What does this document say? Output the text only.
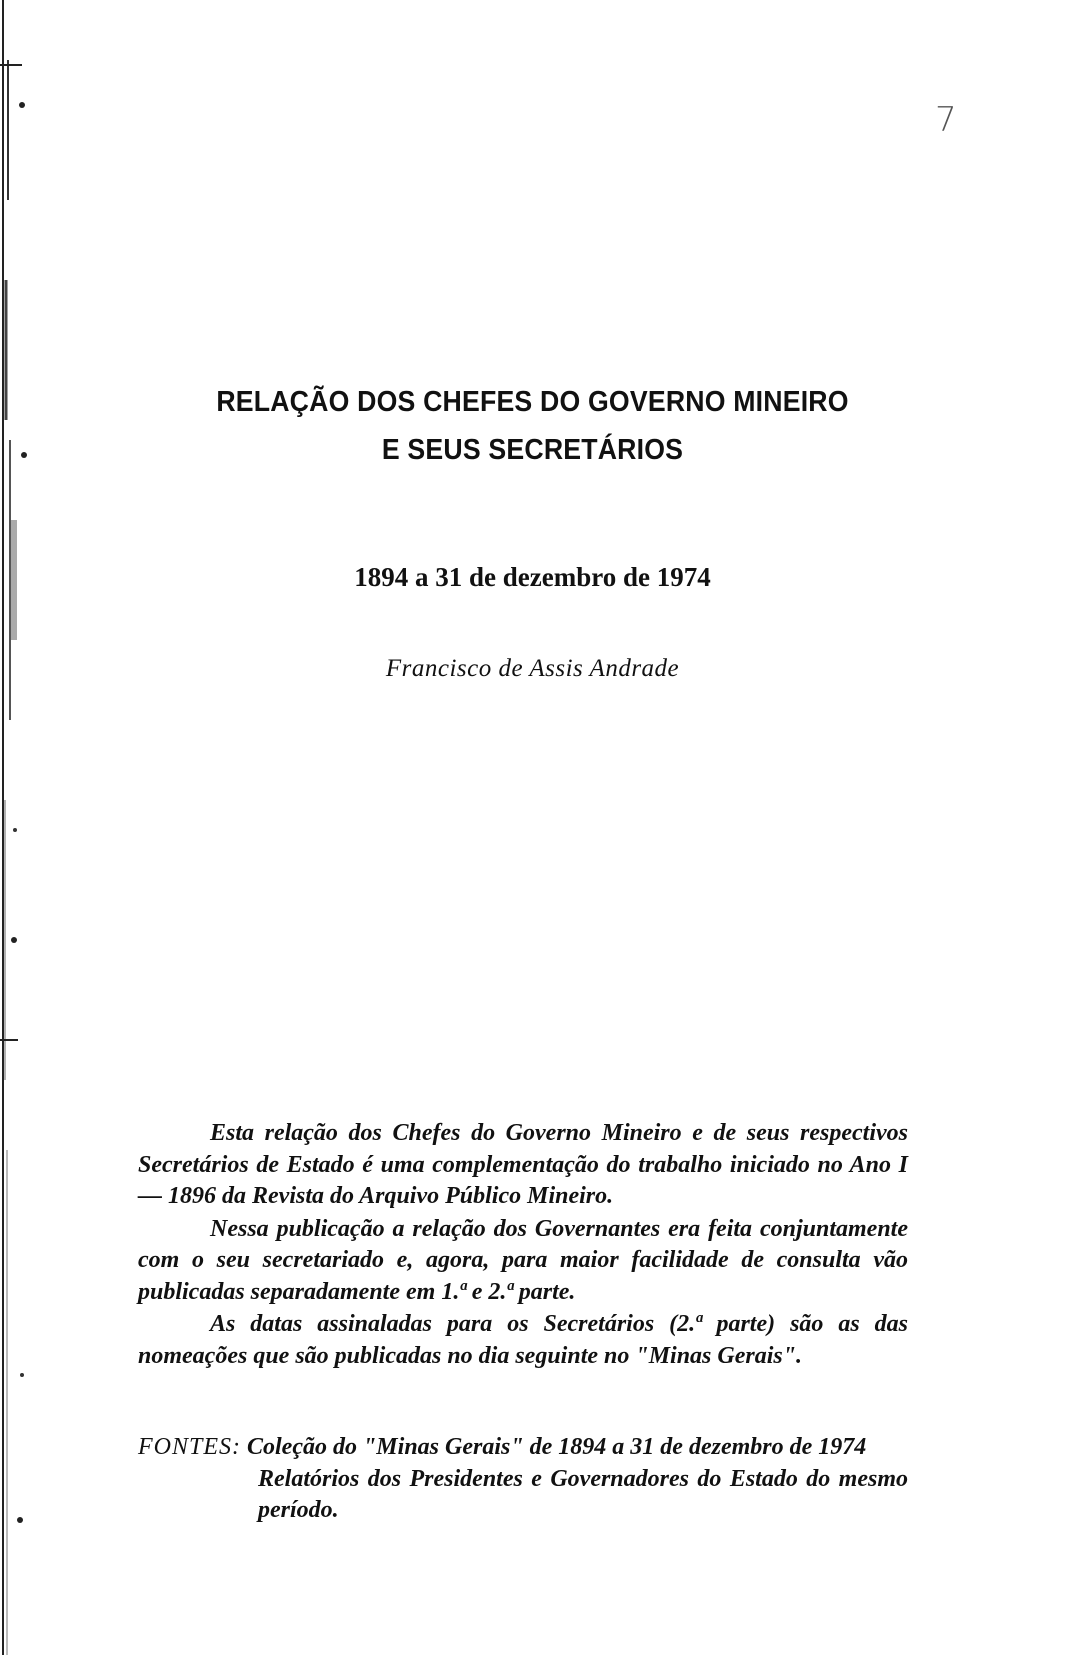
7
RELAÇÃO DOS CHEFES DO GOVERNO MINEIRO
E SEUS SECRETÁRIOS
1894 a 31 de dezembro de 1974
Francisco de Assis Andrade

Esta relação dos Chefes do Governo Mineiro e de seus respectivos Secretários de Estado é uma complementação do trabalho iniciado no Ano I — 1896 da Revista do Arquivo Público Mineiro.

Nessa publicação a relação dos Governantes era feita conjuntamente com o seu secretariado e, agora, para maior facilidade de consulta vão publicadas separadamente em 1.ª e 2.ª parte.

As datas assinaladas para os Secretários (2.ª parte) são as das nomeações que são publicadas no dia seguinte no "Minas Gerais".

FONTES: Coleção do "Minas Gerais" de 1894 a 31 de dezembro de 1974
Relatórios dos Presidentes e Governadores do Estado do mesmo período.
